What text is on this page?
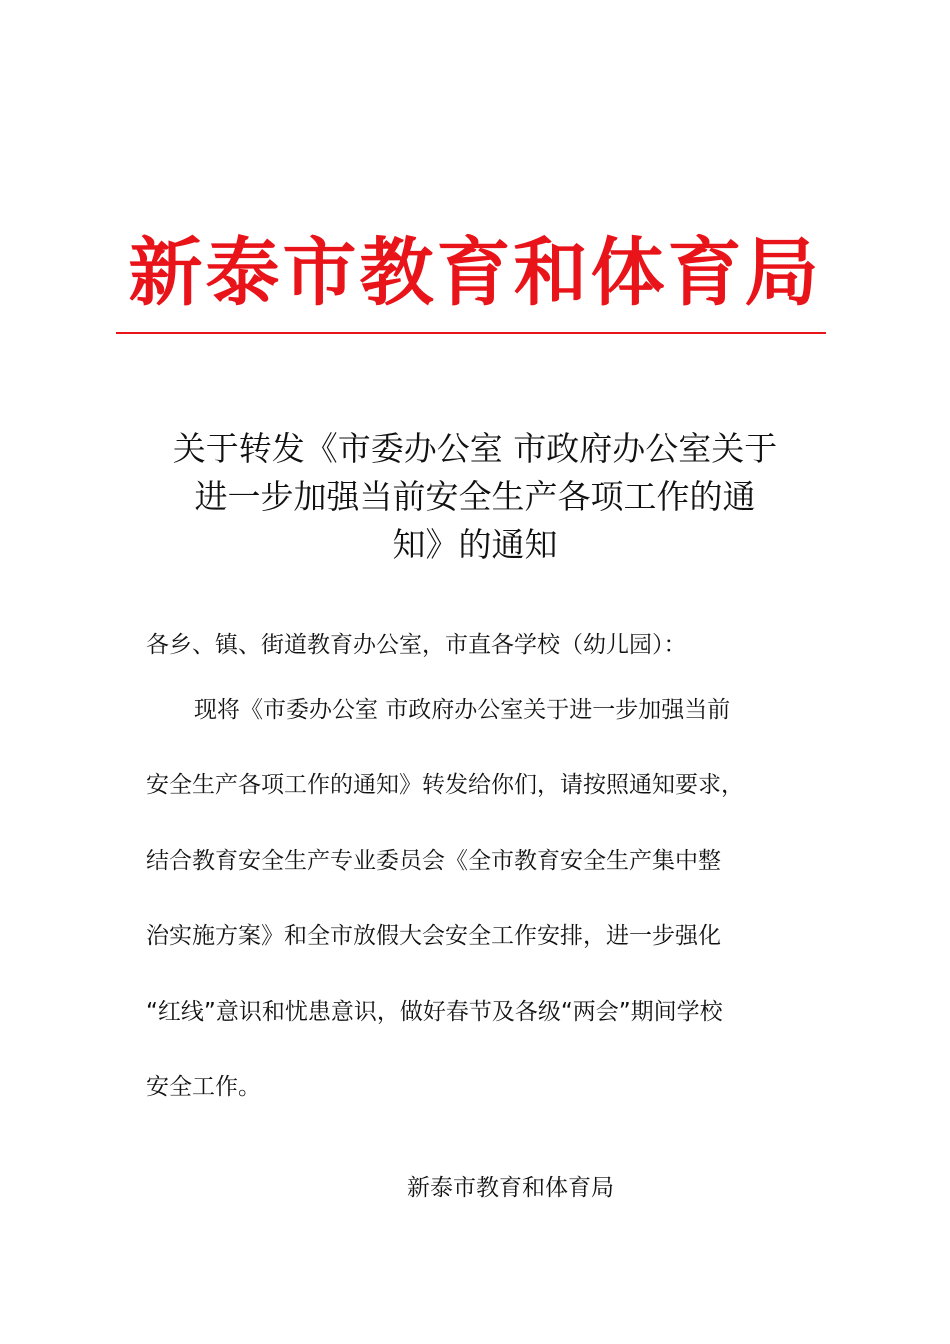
新泰市教育和体育局
关于转发《市委办公室 市政府办公室关于
进一步加强当前安全生产各项工作的通
知》的通知
各乡、镇、街道教育办公室，市直各学校（幼儿园）：
现将《市委办公室 市政府办公室关于进一步加强当前
安全生产各项工作的通知》转发给你们，请按照通知要求，
结合教育安全生产专业委员会《全市教育安全生产集中整
治实施方案》和全市放假大会安全工作安排，进一步强化
“红线”意识和忧患意识，做好春节及各级“两会”期间学校
安全工作。
新泰市教育和体育局
